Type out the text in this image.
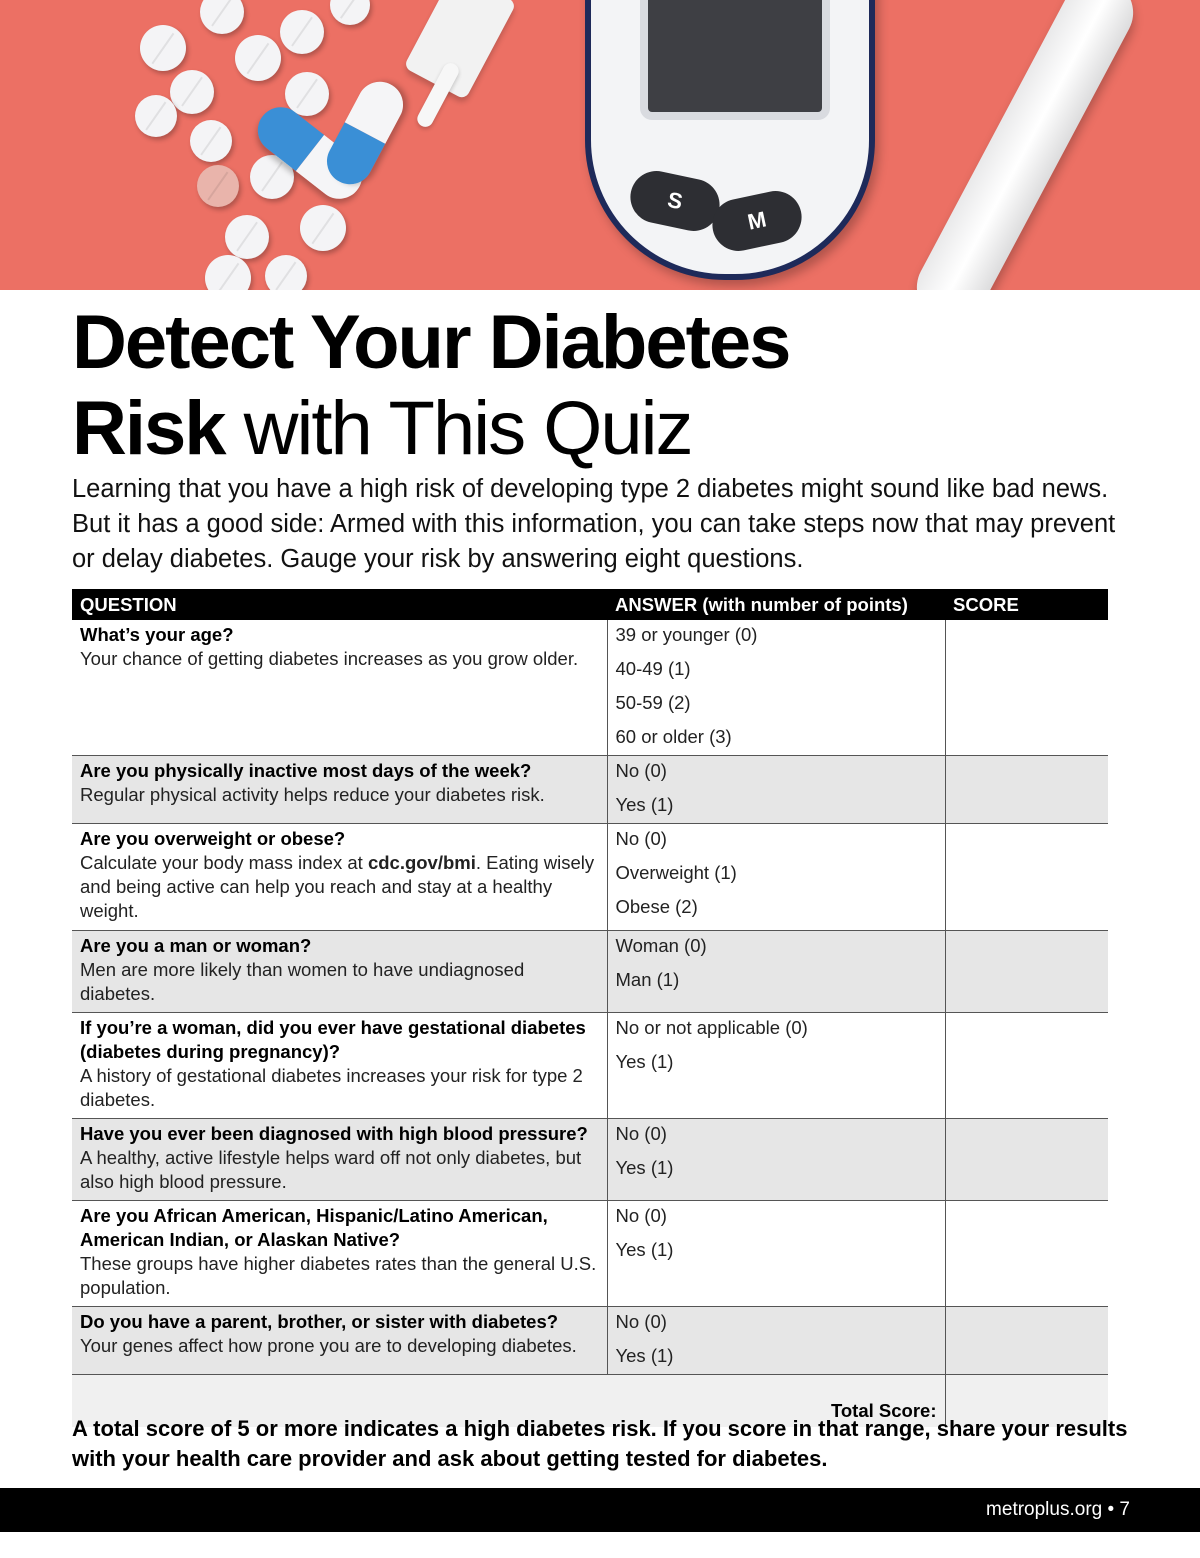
S
M
Detect Your Diabetes
Risk with This Quiz

Learning that you have a high risk of developing type 2 diabetes might sound like bad news. But it has a good side: Armed with this information, you can take steps now that may prevent or delay diabetes. Gauge your risk by answering eight questions.

QUESTION	ANSWER (with number of points)	SCORE

What’s your age?
Your chance of getting diabetes increases as you grow older.	39 or younger (0)
40-49 (1)
50-59 (2)
60 or older (3)	

Are you physically inactive most days of the week?
Regular physical activity helps reduce your diabetes risk.	No (0)
Yes (1)	

Are you overweight or obese?
Calculate your body mass index at cdc.gov/bmi. Eating wisely and being active can help you reach and stay at a healthy weight.	No (0)
Overweight (1)
Obese (2)	

Are you a man or woman?
Men are more likely than women to have undiagnosed diabetes.	Woman (0)
Man (1)	

If you’re a woman, did you ever have gestational diabetes (diabetes during pregnancy)?
A history of gestational diabetes increases your risk for type 2 diabetes.	No or not applicable (0)
Yes (1)	

Have you ever been diagnosed with high blood pressure?
A healthy, active lifestyle helps ward off not only diabetes, but also high blood pressure.	No (0)
Yes (1)	

Are you African American, Hispanic/Latino American, American Indian, or Alaskan Native?
These groups have higher diabetes rates than the general U.S. population.	No (0)
Yes (1)	

Do you have a parent, brother, or sister with diabetes?
Your genes affect how prone you are to developing diabetes.	No (0)
Yes (1)	

Total Score:		

A total score of 5 or more indicates a high diabetes risk. If you score in that range, share your results with your health care provider and ask about getting tested for diabetes.

metroplus.org • 7
